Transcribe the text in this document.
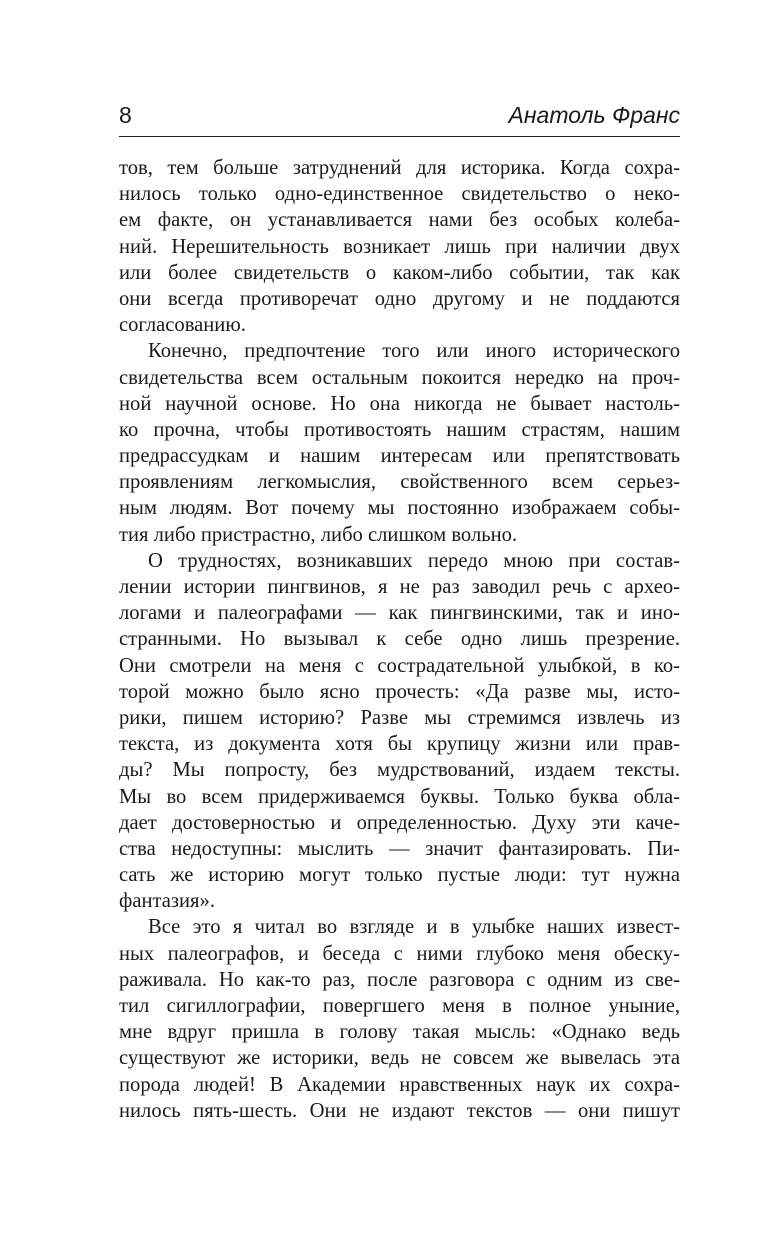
8	Анатоль Франс
тов, тем больше затруднений для историка. Когда сохра-
нилось только одно-единственное свидетельство о неко-
ем факте, он устанавливается нами без особых колеба-
ний. Нерешительность возникает лишь при наличии двух
или более свидетельств о каком-либо событии, так как
они всегда противоречат одно другому и не поддаются
согласованию.
Конечно, предпочтение того или иного исторического
свидетельства всем остальным покоится нередко на проч-
ной научной основе. Но она никогда не бывает настоль-
ко прочна, чтобы противостоять нашим страстям, нашим
предрассудкам и нашим интересам или препятствовать
проявлениям легкомыслия, свойственного всем серьез-
ным людям. Вот почему мы постоянно изображаем собы-
тия либо пристрастно, либо слишком вольно.
О трудностях, возникавших передо мною при состав-
лении истории пингвинов, я не раз заводил речь с архео-
логами и палеографами — как пингвинскими, так и ино-
странными. Но вызывал к себе одно лишь презрение.
Они смотрели на меня с сострадательной улыбкой, в ко-
торой можно было ясно прочесть: «Да разве мы, исто-
рики, пишем историю? Разве мы стремимся извлечь из
текста, из документа хотя бы крупицу жизни или прав-
ды? Мы попросту, без мудрствований, издаем тексты.
Мы во всем придерживаемся буквы. Только буква обла-
дает достоверностью и определенностью. Духу эти каче-
ства недоступны: мыслить — значит фантазировать. Пи-
сать же историю могут только пустые люди: тут нужна
фантазия».
Все это я читал во взгляде и в улыбке наших извест-
ных палеографов, и беседа с ними глубоко меня обеску-
раживала. Но как-то раз, после разговора с одним из све-
тил сигиллографии, повергшего меня в полное уныние,
мне вдруг пришла в голову такая мысль: «Однако ведь
существуют же историки, ведь не совсем же вывелась эта
порода людей! В Академии нравственных наук их сохра-
нилось пять-шесть. Они не издают текстов — они пишут
